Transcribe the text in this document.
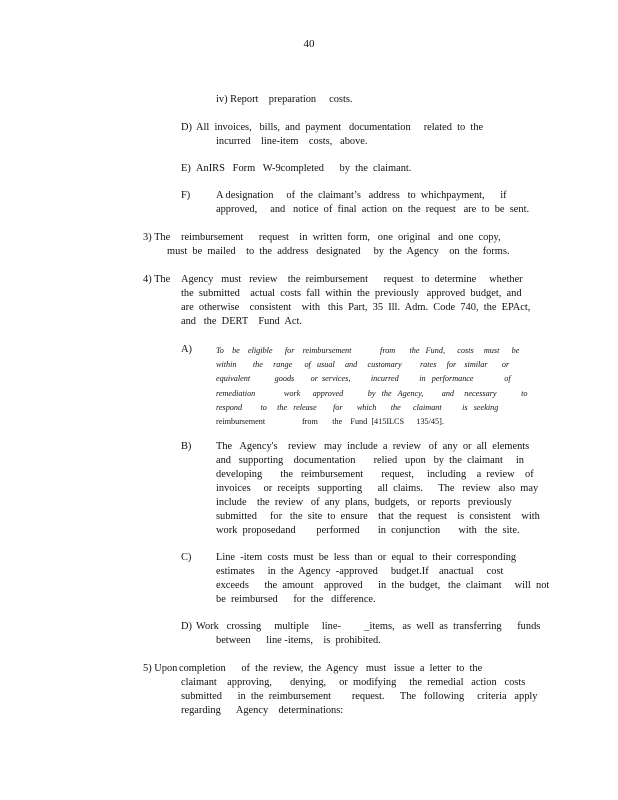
40
iv) Report    preparation     costs.
D) All  invoices,   bills,  and  payment   documentation     related  to  the
incurred    line-item    costs,   above.
E) AnIRS   Form   W-9completed      by  the  claimant.
F) A designation     of  the  claimant’s   address   to  whichpayment,      if
approved,     and   notice  of  final  action  on  the  request   are  to  be  sent.
3) The reimbursement      request    in  written  form,   one  original   and  one  copy,
must  be  mailed    to  the  address   designated     by  the  Agency    on  the  forms.
4) The Agency   must   review    the  reimbursement      request   to  determine     whether
the  submitted    actual  costs  fall  within  the  previously   approved  budget,  and
are  otherwise    consistent    with   this  Part,  35  Ill.  Adm.  Code  740,  the  EPAct,
and   the  DERT    Fund  Act.
A)	To    be    eligible      for    reimbursement              from       the   Fund,      costs     must      be
within        the     range      of   usual     and     customary         rates     for    similar       or
equivalent            goods        or  services,          incurred          in   performance               of
remediation              work      approved            by   the   Agency,         and     necessary            to
respond         to     the   release        for       which       the      claimant          is   seeking
reimbursement                  from       the    Fund  [415ILCS      135/45].
B) The   Agency's    review   may  include  a  review   of  any  or  all  elements
and   supporting    documentation       relied   upon   by  the  claimant     in
developing       the   reimbursement       request,     including    a  review    of
invoices     or  receipts   supporting      all  claims.      The   review   also  may
include    the  review   of  any  plans,  budgets,   or  reports   previously
submitted     for   the  site  to  ensure    that  the  request    is  consistent    with
work  proposedand        performed       in  conjunction       with   the  site.
C) Line  -item  costs  must  be  less  than  or  equal  to  their  corresponding
estimates     in  the  Agency  -approved     budget.If    anactual     cost
exceeds      the  amount    approved      in  the  budget,   the  claimant     will  not
be  reimbursed      for  the   difference.
D) Work   crossing     multiple     line-         _items,   as  well  as  transferring      funds
between      line -items,    is  prohibited.
5) Upon completion      of  the  review,  the  Agency   must   issue  a  letter  to  the
claimant    approving,       denying,     or  modifying     the  remedial   action   costs
submitted      in  the  reimbursement        request.      The   following     criteria   apply
regarding      Agency    determinations:
